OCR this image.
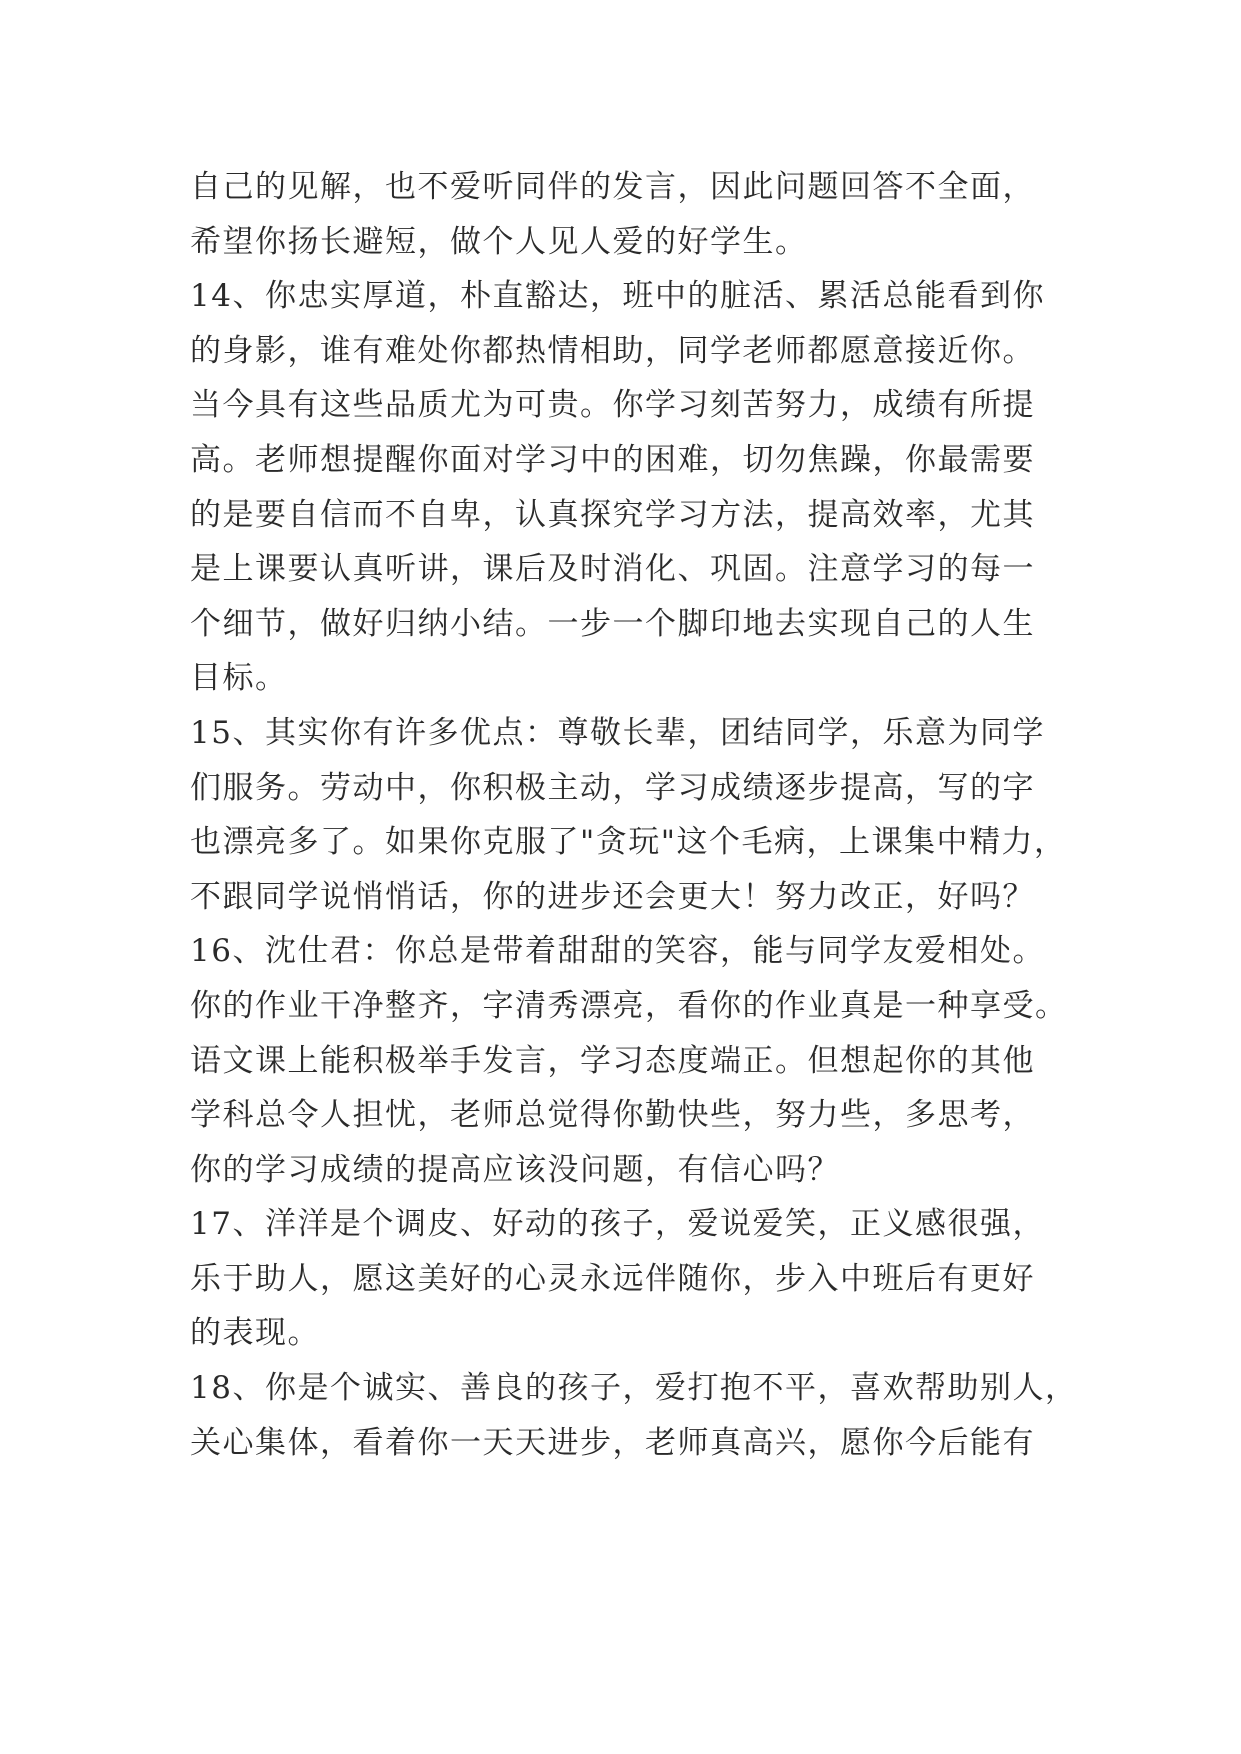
自己的见解，也不爱听同伴的发言，因此问题回答不全面，
希望你扬长避短，做个人见人爱的好学生。
14、你忠实厚道，朴直豁达，班中的脏活、累活总能看到你
的身影，谁有难处你都热情相助，同学老师都愿意接近你。
当今具有这些品质尤为可贵。你学习刻苦努力，成绩有所提
高。老师想提醒你面对学习中的困难，切勿焦躁，你最需要
的是要自信而不自卑，认真探究学习方法，提高效率，尤其
是上课要认真听讲，课后及时消化、巩固。注意学习的每一
个细节，做好归纳小结。一步一个脚印地去实现自己的人生
目标。
15、其实你有许多优点：尊敬长辈，团结同学，乐意为同学
们服务。劳动中，你积极主动，学习成绩逐步提高，写的字
也漂亮多了。如果你克服了"贪玩"这个毛病，上课集中精力，
不跟同学说悄悄话，你的进步还会更大！努力改正，好吗？
16、沈仕君：你总是带着甜甜的笑容，能与同学友爱相处。
你的作业干净整齐，字清秀漂亮，看你的作业真是一种享受。
语文课上能积极举手发言，学习态度端正。但想起你的其他
学科总令人担忧，老师总觉得你勤快些，努力些，多思考，
你的学习成绩的提高应该没问题，有信心吗？
17、洋洋是个调皮、好动的孩子，爱说爱笑，正义感很强，
乐于助人，愿这美好的心灵永远伴随你，步入中班后有更好
的表现。
18、你是个诚实、善良的孩子，爱打抱不平，喜欢帮助别人，
关心集体，看着你一天天进步，老师真高兴，愿你今后能有
